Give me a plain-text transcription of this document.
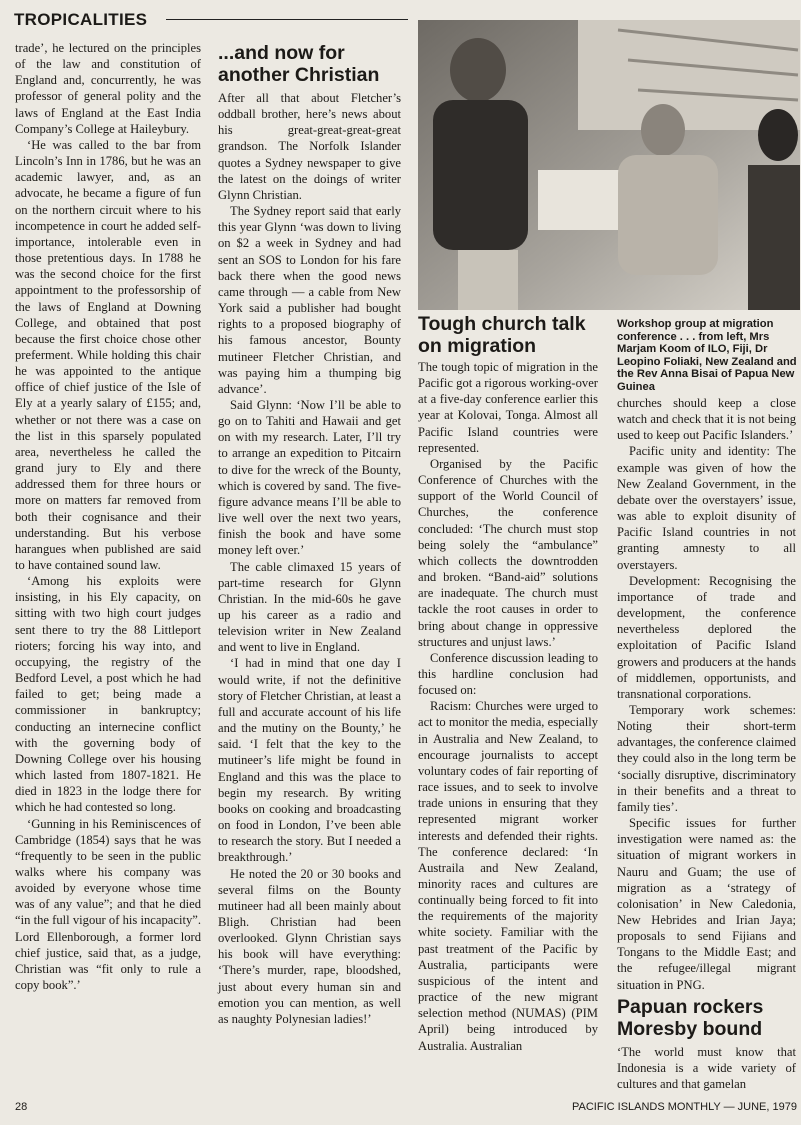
TROPICALITIES

trade’, he lectured on the principles of the law and constitution of England and, concurrently, he was professor of general polity and the laws of England at the East India Company’s College at Haileybury.

‘He was called to the bar from Lincoln’s Inn in 1786, but he was an academic lawyer, and, as an advocate, he became a figure of fun on the northern circuit where to his incompetence in court he added self-importance, intolerable even in those pretentious days. In 1788 he was the second choice for the first appointment to the professorship of the laws of England at Downing College, and obtained that post because the first choice chose other preferment. While holding this chair he was appointed to the antique office of chief justice of the Isle of Ely at a yearly salary of £155; and, whether or not there was a case on the list in this sparsely populated area, nevertheless he called the grand jury to Ely and there addressed them for three hours or more on matters far removed from both their cognisance and their understanding. But his verbose harangues when published are said to have contained sound law.

‘Among his exploits were insisting, in his Ely capacity, on sitting with two high court judges sent there to try the 88 Littleport rioters; forcing his way into, and occupying, the registry of the Bedford Level, a post which he had failed to get; being made a commissioner in bankruptcy; conducting an internecine conflict with the governing body of Downing College over his housing which lasted from 1807-1821. He died in 1823 in the lodge there for which he had contested so long.

‘Gunning in his Reminiscences of Cambridge (1854) says that he was “frequently to be seen in the public walks where his company was avoided by everyone whose time was of any value”; and that he died “in the full vigour of his incapacity”. Lord Ellenborough, a former lord chief justice, said that, as a judge, Christian was “fit only to rule a copy book”.’

...and now for another Christian

After all that about Fletcher’s oddball brother, here’s news about his great-great-great-great grandson. The Norfolk Islander quotes a Sydney newspaper to give the latest on the doings of writer Glynn Christian.

The Sydney report said that early this year Glynn ‘was down to living on $2 a week in Sydney and had sent an SOS to London for his fare back there when the good news came through — a cable from New York said a publisher had bought rights to a proposed biography of his famous ancestor, Bounty mutineer Fletcher Christian, and was paying him a thumping big advance’.

Said Glynn: ‘Now I’ll be able to go on to Tahiti and Hawaii and get on with my research. Later, I’ll try to arrange an expedition to Pitcairn to dive for the wreck of the Bounty, which is covered by sand. The five-figure advance means I’ll be able to live well over the next two years, finish the book and have some money left over.’

The cable climaxed 15 years of part-time research for Glynn Christian. In the mid-60s he gave up his career as a radio and television writer in New Zealand and went to live in England.

‘I had in mind that one day I would write, if not the definitive story of Fletcher Christian, at least a full and accurate account of his life and the mutiny on the Bounty,’ he said. ‘I felt that the key to the mutineer’s life might be found in England and this was the place to begin my research. By writing books on cooking and broadcasting on food in London, I’ve been able to research the story. But I needed a breakthrough.’

He noted the 20 or 30 books and several films on the Bounty mutineer had all been mainly about Bligh. Christian had been overlooked. Glynn Christian says his book will have everything: ‘There’s murder, rape, bloodshed, just about every human sin and emotion you can mention, as well as naughty Polynesian ladies!’

Tough church talk on migration

The tough topic of migration in the Pacific got a rigorous working-over at a five-day conference earlier this year at Kolovai, Tonga. Almost all Pacific Island countries were represented.

Organised by the Pacific Conference of Churches with the support of the World Council of Churches, the conference concluded: ‘The church must stop being solely the “ambulance” which collects the downtrodden and broken. “Band-aid” solutions are inadequate. The church must tackle the root causes in order to bring about change in oppressive structures and unjust laws.’

Conference discussion leading to this hardline conclusion had focused on:

Racism: Churches were urged to act to monitor the media, especially in Australia and New Zealand, to encourage journalists to accept voluntary codes of fair reporting of race issues, and to seek to involve trade unions in ensuring that they represented migrant worker interests and defended their rights. The conference declared: ‘In Austraila and New Zealand, minority races and cultures are continually being forced to fit into the requirements of the majority white society. Familiar with the past treatment of the Pacific by Australia, participants were suspicious of the intent and practice of the new migrant selection method (NUMAS) (PIM April) being introduced by Australia. Australian

Workshop group at migration conference . . . from left, Mrs Marjam Koom of ILO, Fiji, Dr Leopino Foliaki, New Zealand and the Rev Anna Bisai of Papua New Guinea

churches should keep a close watch and check that it is not being used to keep out Pacific Islanders.’

Pacific unity and identity: The example was given of how the New Zealand Government, in the debate over the overstayers’ issue, was able to exploit disunity of Pacific Island countries in not granting amnesty to all overstayers.

Development: Recognising the importance of trade and development, the conference nevertheless deplored the exploitation of Pacific Island growers and producers at the hands of middlemen, opportunists, and transnational corporations.

Temporary work schemes: Noting their short-term advantages, the conference claimed they could also in the long term be ‘socially disruptive, discriminatory in their benefits and a threat to family ties’.

Specific issues for further investigation were named as: the situation of migrant workers in Nauru and Guam; the use of migration as a ‘strategy of colonisation’ in New Caledonia, New Hebrides and Irian Jaya; proposals to send Fijians and Tongans to the Middle East; and the refugee/illegal migrant situation in PNG.

Papuan rockers Moresby bound

‘The world must know that Indonesia is a wide variety of cultures and that gamelan

28	PACIFIC ISLANDS MONTHLY — JUNE, 1979
